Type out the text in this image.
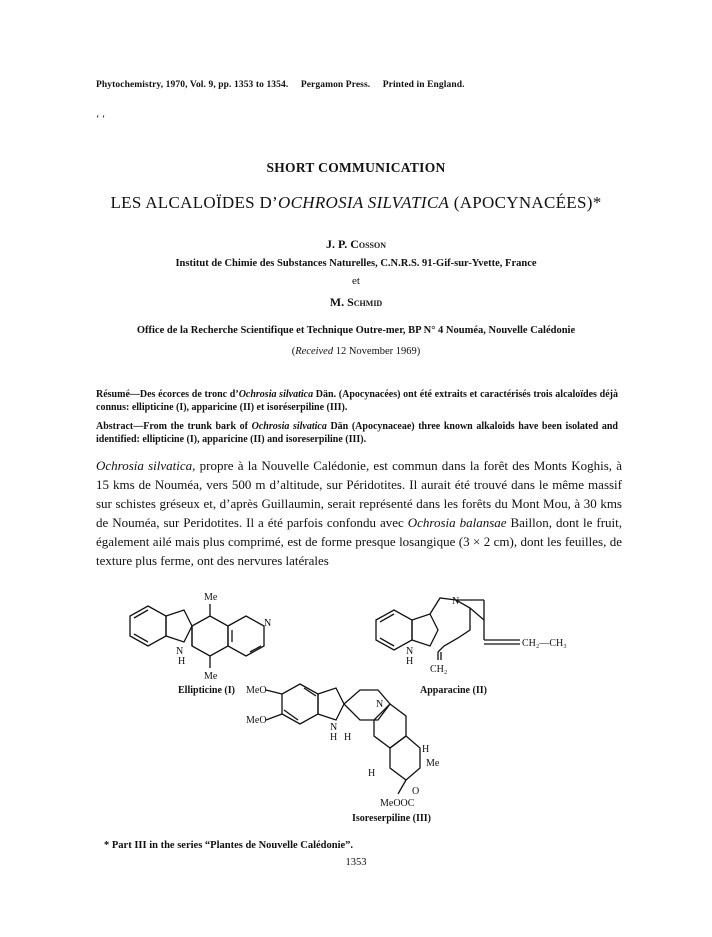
Phytochemistry, 1970, Vol. 9, pp. 1353 to 1354. Pergamon Press. Printed in England.
‘ ‘
SHORT COMMUNICATION
LES ALCALOÏDES D’OCHROSIA SILVATICA (APOCYNACÉES)*
J. P. Cosson
Institut de Chimie des Substances Naturelles, C.N.R.S. 91-Gif-sur-Yvette, France
et
M. Schmid
Office de la Recherche Scientifique et Technique Outre-mer, BP N° 4 Nouméa, Nouvelle Calédonie
(Received 12 November 1969)
Résumé—Des écorces de tronc d’Ochrosia silvatica Dän. (Apocynacées) ont été extraits et caractérisés trois alcaloïdes déjà connus: ellipticine (I), apparicine (II) et isoréserpiline (III).
Abstract—From the trunk bark of Ochrosia silvatica Dän (Apocynaceae) three known alkaloids have been isolated and identified: ellipticine (I), apparicine (II) and isoreserpiline (III).
Ochrosia silvatica, propre à la Nouvelle Calédonie, est commun dans la forêt des Monts Koghis, à 15 kms de Nouméa, vers 500 m d’altitude, sur Péridotites. Il aurait été trouvé dans le même massif sur schistes gréseux et, d’après Guillaumin, serait représenté dans les forêts du Mont Mou, à 30 kms de Nouméa, sur Peridotites. Il a été parfois confondu avec Ochrosia balansae Baillon, dont le fruit, également ailé mais plus comprimé, est de forme presque losangique (3 × 2 cm), dont les feuilles, de texture plus ferme, ont des nervures latérales
Me
Me
N
N
H
Ellipticine (I)
N
N
H
CH₂—CH₃
CH₂
Apparacine (II)
MeO
MeO
N
N
H H
H
H
Me
O
MeOOC
Isoreserpiline (III)
* Part III in the series “Plantes de Nouvelle Calédonie”.
1353
